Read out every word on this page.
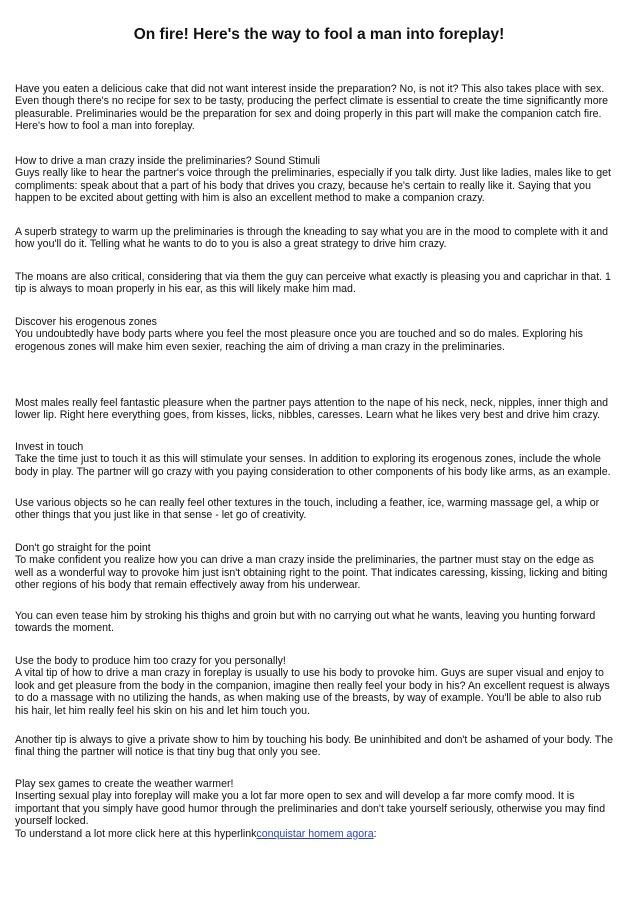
On fire! Here's the way to fool a man into foreplay!
Have you eaten a delicious cake that did not want interest inside the preparation? No, is not it? This also takes place with sex.
Even though there's no recipe for sex to be tasty, producing the perfect climate is essential to create the time significantly more
pleasurable. Preliminaries would be the preparation for sex and doing properly in this part will make the companion catch fire.
Here's how to fool a man into foreplay.
How to drive a man crazy inside the preliminaries? Sound Stimuli
Guys really like to hear the partner's voice through the preliminaries, especially if you talk dirty. Just like ladies, males like to get
compliments: speak about that a part of his body that drives you crazy, because he's certain to really like it. Saying that you
happen to be excited about getting with him is also an excellent method to make a companion crazy.
A superb strategy to warm up the preliminaries is through the kneading to say what you are in the mood to complete with it and
how you'll do it. Telling what he wants to do to you is also a great strategy to drive him crazy.
The moans are also critical, considering that via them the guy can perceive what exactly is pleasing you and caprichar in that. 1
tip is always to moan properly in his ear, as this will likely make him mad.
Discover his erogenous zones
You undoubtedly have body parts where you feel the most pleasure once you are touched and so do males. Exploring his
erogenous zones will make him even sexier, reaching the aim of driving a man crazy in the preliminaries.
Most males really feel fantastic pleasure when the partner pays attention to the nape of his neck, neck, nipples, inner thigh and
lower lip. Right here everything goes, from kisses, licks, nibbles, caresses. Learn what he likes very best and drive him crazy.
Invest in touch
Take the time just to touch it as this will stimulate your senses. In addition to exploring its erogenous zones, include the whole
body in play. The partner will go crazy with you paying consideration to other components of his body like arms, as an example.
Use various objects so he can really feel other textures in the touch, including a feather, ice, warming massage gel, a whip or
other things that you just like in that sense - let go of creativity.
Don't go straight for the point
To make confident you realize how you can drive a man crazy inside the preliminaries, the partner must stay on the edge as
well as a wonderful way to provoke him just isn't obtaining right to the point. That indicates caressing, kissing, licking and biting
other regions of his body that remain effectively away from his underwear.
You can even tease him by stroking his thighs and groin but with no carrying out what he wants, leaving you hunting forward
towards the moment.
Use the body to produce him too crazy for you personally!
A vital tip of how to drive a man crazy in foreplay is usually to use his body to provoke him. Guys are super visual and enjoy to
look and get pleasure from the body in the companion, imagine then really feel your body in his? An excellent request is always
to do a massage with no utilizing the hands, as when making use of the breasts, by way of example. You'll be able to also rub
his hair, let him really feel his skin on his and let him touch you.
Another tip is always to give a private show to him by touching his body. Be uninhibited and don't be ashamed of your body. The
final thing the partner will notice is that tiny bug that only you see.
Play sex games to create the weather warmer!
Inserting sexual play into foreplay will make you a lot far more open to sex and will develop a far more comfy mood. It is
important that you simply have good humor through the preliminaries and don't take yourself seriously, otherwise you may find
yourself locked.
To understand a lot more click here at this hyperlinkconquistar homem agora:
